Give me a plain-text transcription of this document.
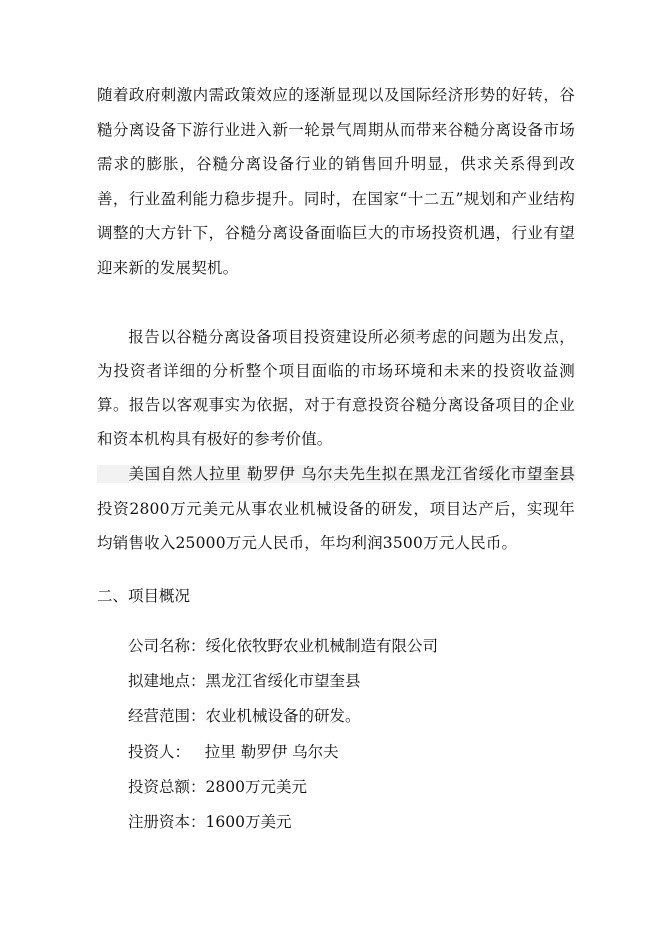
随着政府刺激内需政策效应的逐渐显现以及国际经济形势的好转，谷糙分离设备下游行业进入新一轮景气周期从而带来谷糙分离设备市场需求的膨胀，谷糙分离设备行业的销售回升明显，供求关系得到改善，行业盈利能力稳步提升。同时，在国家“十二五”规划和产业结构调整的大方针下，谷糙分离设备面临巨大的市场投资机遇，行业有望迎来新的发展契机。

报告以谷糙分离设备项目投资建设所必须考虑的问题为出发点，为投资者详细的分析整个项目面临的市场环境和未来的投资收益测算。报告以客观事实为依据，对于有意投资谷糙分离设备项目的企业和资本机构具有极好的参考价值。

美国自然人拉里 勒罗伊 乌尔夫先生拟在黑龙江省绥化市望奎县投资2800万元美元从事农业机械设备的研发，项目达产后，实现年均销售收入25000万元人民币，年均利润3500万元人民币。

二、项目概况
公司名称：绥化依牧野农业机械制造有限公司
拟建地点：黑龙江省绥化市望奎县
经营范围：农业机械设备的研发。
投资人：   拉里 勒罗伊 乌尔夫
投资总额：2800万元美元
注册资本：1600万美元
